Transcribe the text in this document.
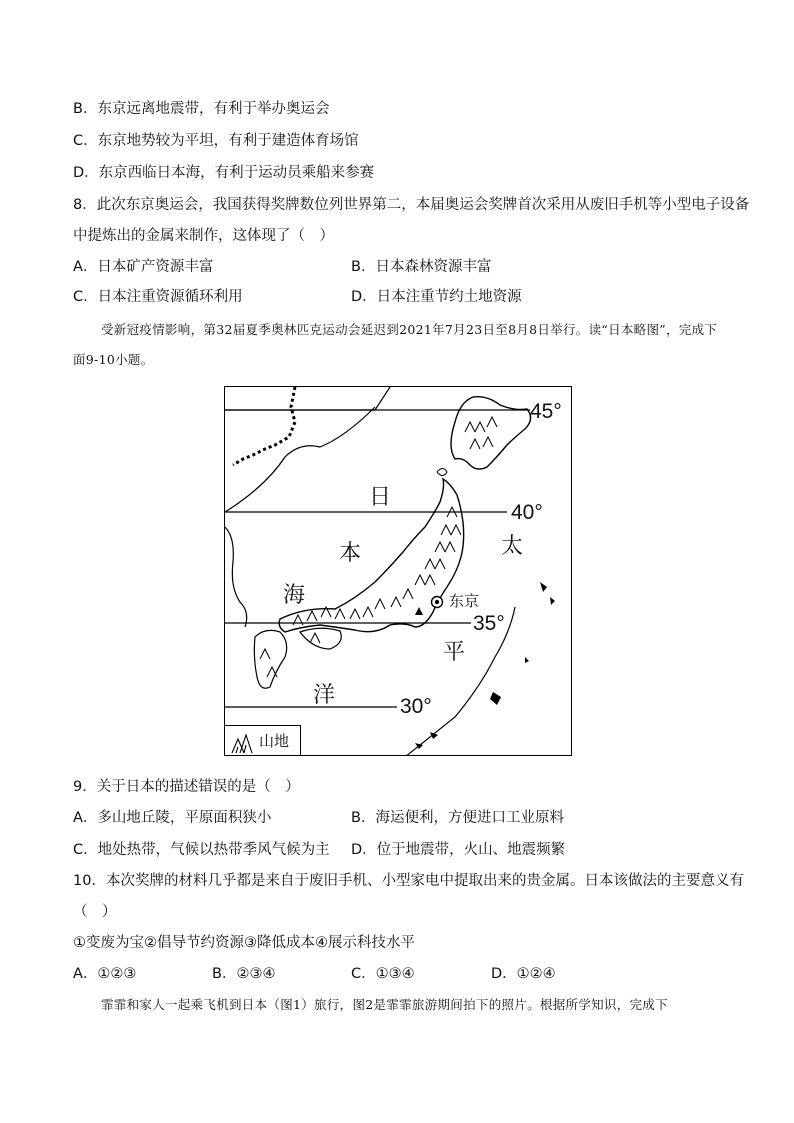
B．东京远离地震带，有利于举办奥运会
C．东京地势较为平坦，有利于建造体育场馆
D．东京西临日本海，有利于运动员乘船来参赛
8．此次东京奥运会，我国获得奖牌数位列世界第二，本届奥运会奖牌首次采用从废旧手机等小型电子设备
中提炼出的金属来制作，这体现了（　）
A．日本矿产资源丰富	B．日本森林资源丰富
C．日本注重资源循环利用	D．日本注重节约土地资源
受新冠疫情影响，第32届夏季奥林匹克运动会延迟到2021年7月23日至8月8日举行。读“日本略图”，完成下面9-10小题。
日
本
海
太
平
洋
东京
45°
40°
35°
30°
山地
9．关于日本的描述错误的是（　）
A．多山地丘陵，平原面积狭小	B．海运便利，方便进口工业原料
C．地处热带，气候以热带季风气候为主 D．位于地震带，火山、地震频繁
10．本次奖牌的材料几乎都是来自于废旧手机、小型家电中提取出来的贵金属。日本该做法的主要意义有
（　）
①变废为宝②倡导节约资源③降低成本④展示科技水平
A．①②③	B．②③④	C．①③④	D．①②④
霏霏和家人一起乘飞机到日本（图1）旅行，图2是霏霏旅游期间拍下的照片。根据所学知识，完成下
